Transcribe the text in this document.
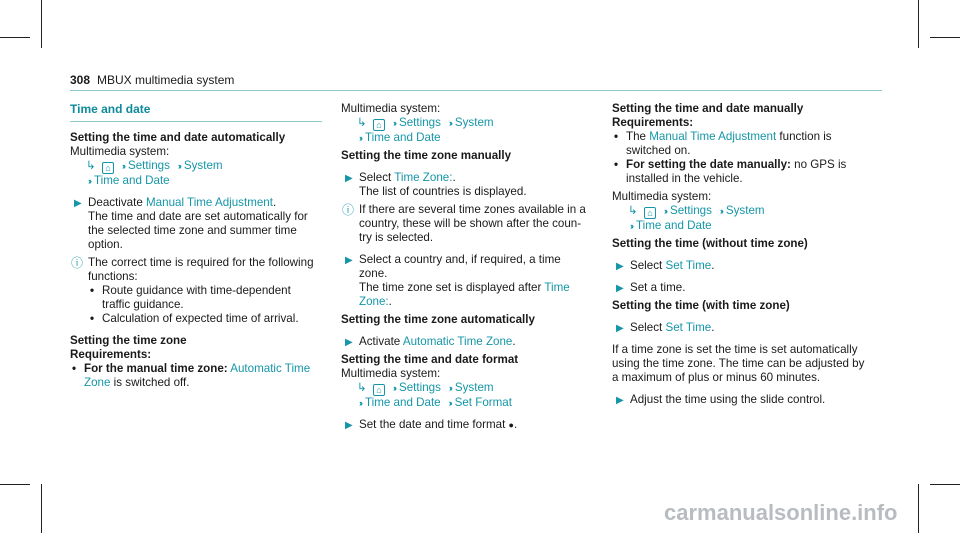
308 MBUX multimedia system
Time and date
Setting the time and date automatically
Multimedia system:
↳ ⌂ ›› Settings ›› System
›› Time and Date
▶ Deactivate Manual Time Adjustment.
The time and date are set automatically for
the selected time zone and summer time
option.
ⓘ The correct time is required for the following
functions:
• Route guidance with time-dependent
traffic guidance.
• Calculation of expected time of arrival.
Setting the time zone
Requirements:
• For the manual time zone: Automatic Time
Zone is switched off.
Multimedia system:
↳ ⌂ ›› Settings ›› System
›› Time and Date
Setting the time zone manually
▶ Select Time Zone:.
The list of countries is displayed.
ⓘ If there are several time zones available in a
country, these will be shown after the coun-
try is selected.
▶ Select a country and, if required, a time
zone.
The time zone set is displayed after Time
Zone:.
Setting the time zone automatically
▶ Activate Automatic Time Zone.
Setting the time and date format
Multimedia system:
↳ ⌂ ›› Settings ›› System
›› Time and Date ›› Set Format
▶ Set the date and time format ●.
Setting the time and date manually
Requirements:
• The Manual Time Adjustment function is
switched on.
• For setting the date manually: no GPS is
installed in the vehicle.
Multimedia system:
↳ ⌂ ›› Settings ›› System
›› Time and Date
Setting the time (without time zone)
▶ Select Set Time.
▶ Set a time.
Setting the time (with time zone)
▶ Select Set Time.
If a time zone is set the time is set automatically
using the time zone. The time can be adjusted by
a maximum of plus or minus 60 minutes.
▶ Adjust the time using the slide control.
carmanualsonline.info
